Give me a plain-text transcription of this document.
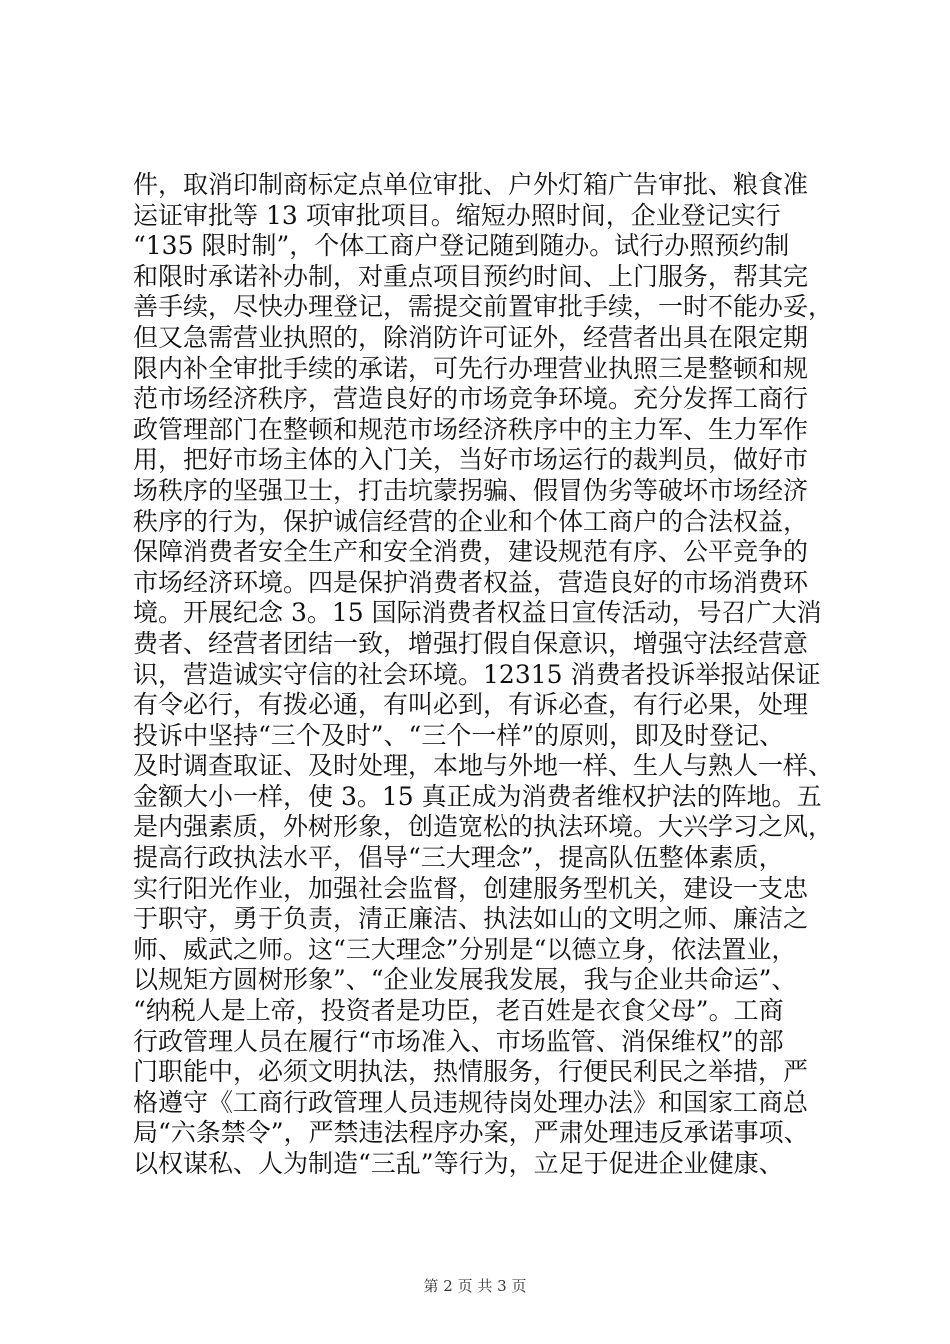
件，取消印制商标定点单位审批、户外灯箱广告审批、粮食准
运证审批等 13 项审批项目。缩短办照时间，企业登记实行
“135 限时制”，个体工商户登记随到随办。试行办照预约制
和限时承诺补办制，对重点项目预约时间、上门服务，帮其完
善手续，尽快办理登记，需提交前置审批手续，一时不能办妥，
但又急需营业执照的，除消防许可证外，经营者出具在限定期
限内补全审批手续的承诺，可先行办理营业执照三是整顿和规
范市场经济秩序，营造良好的市场竞争环境。充分发挥工商行
政管理部门在整顿和规范市场经济秩序中的主力军、生力军作
用，把好市场主体的入门关，当好市场运行的裁判员，做好市
场秩序的坚强卫士，打击坑蒙拐骗、假冒伪劣等破坏市场经济
秩序的行为，保护诚信经营的企业和个体工商户的合法权益，
保障消费者安全生产和安全消费，建设规范有序、公平竞争的
市场经济环境。四是保护消费者权益，营造良好的市场消费环
境。开展纪念 3。15 国际消费者权益日宣传活动，号召广大消
费者、经营者团结一致，增强打假自保意识，增强守法经营意
识，营造诚实守信的社会环境。12315 消费者投诉举报站保证
有令必行，有拨必通，有叫必到，有诉必查，有行必果，处理
投诉中坚持“三个及时”、“三个一样”的原则，即及时登记、
及时调查取证、及时处理，本地与外地一样、生人与熟人一样、
金额大小一样，使 3。15 真正成为消费者维权护法的阵地。五
是内强素质，外树形象，创造宽松的执法环境。大兴学习之风，
提高行政执法水平，倡导“三大理念”，提高队伍整体素质，
实行阳光作业，加强社会监督，创建服务型机关，建设一支忠
于职守，勇于负责，清正廉洁、执法如山的文明之师、廉洁之
师、威武之师。这“三大理念”分别是“以德立身，依法置业，
以规矩方圆树形象”、“企业发展我发展，我与企业共命运”、
“纳税人是上帝，投资者是功臣，老百姓是衣食父母”。工商
行政管理人员在履行“市场准入、市场监管、消保维权”的部
门职能中，必须文明执法，热情服务，行便民利民之举措，严
格遵守《工商行政管理人员违规待岗处理办法》和国家工商总
局“六条禁令”，严禁违法程序办案，严肃处理违反承诺事项、
以权谋私、人为制造“三乱”等行为，立足于促进企业健康、
第 2 页 共 3 页
